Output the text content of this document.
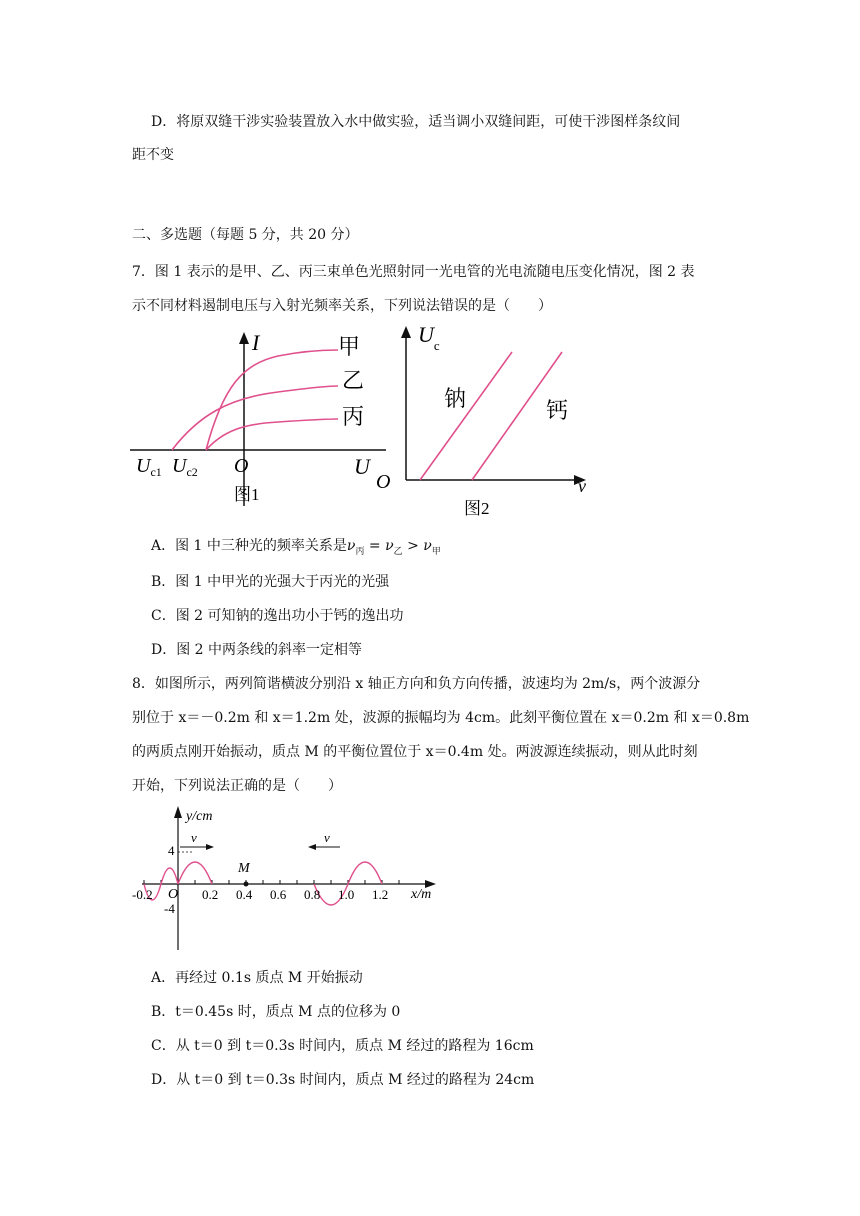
D．将原双缝干涉实验装置放入水中做实验，适当调小双缝间距，可使干涉图样条纹间
距不变
二、多选题（每题 5 分，共 20 分）
7．图 1 表示的是甲、乙、丙三束单色光照射同一光电管的光电流随电压变化情况，图 2 表
示不同材料遏制电压与入射光频率关系，下列说法错误的是（　　）
I
U
O
$U_{c1}$ $U_{c2}$
甲
乙
丙
图1
$U_c$
ν
O
钠	钙
图2
A．图 1 中三种光的频率关系是$\nu_丙 = \nu_乙 > \nu_甲$
B．图 1 中甲光的光强大于丙光的光强
C．图 2 可知钠的逸出功小于钙的逸出功
D．图 2 中两条线的斜率一定相等
8．如图所示，两列简谐横波分别沿 x 轴正方向和负方向传播，波速均为 2m/s，两个波源分
别位于 x＝－0.2m 和 x＝1.2m 处，波源的振幅均为 4cm。此刻平衡位置在 x＝0.2m 和 x＝0.8m
的两质点刚开始振动，质点 M 的平衡位置位于 x＝0.4m 处。两波源连续振动，则从此时刻
开始，下列说法正确的是（　　）
y/cm
x/m
O
4
-4
v	v
M
-0.2	0.2 0.4 0.6 0.8 1.0 1.2
A．再经过 0.1s 质点 M 开始振动
B．t＝0.45s 时，质点 M 点的位移为 0
C．从 t＝0 到 t＝0.3s 时间内，质点 M 经过的路程为 16cm
D．从 t＝0 到 t＝0.3s 时间内，质点 M 经过的路程为 24cm
